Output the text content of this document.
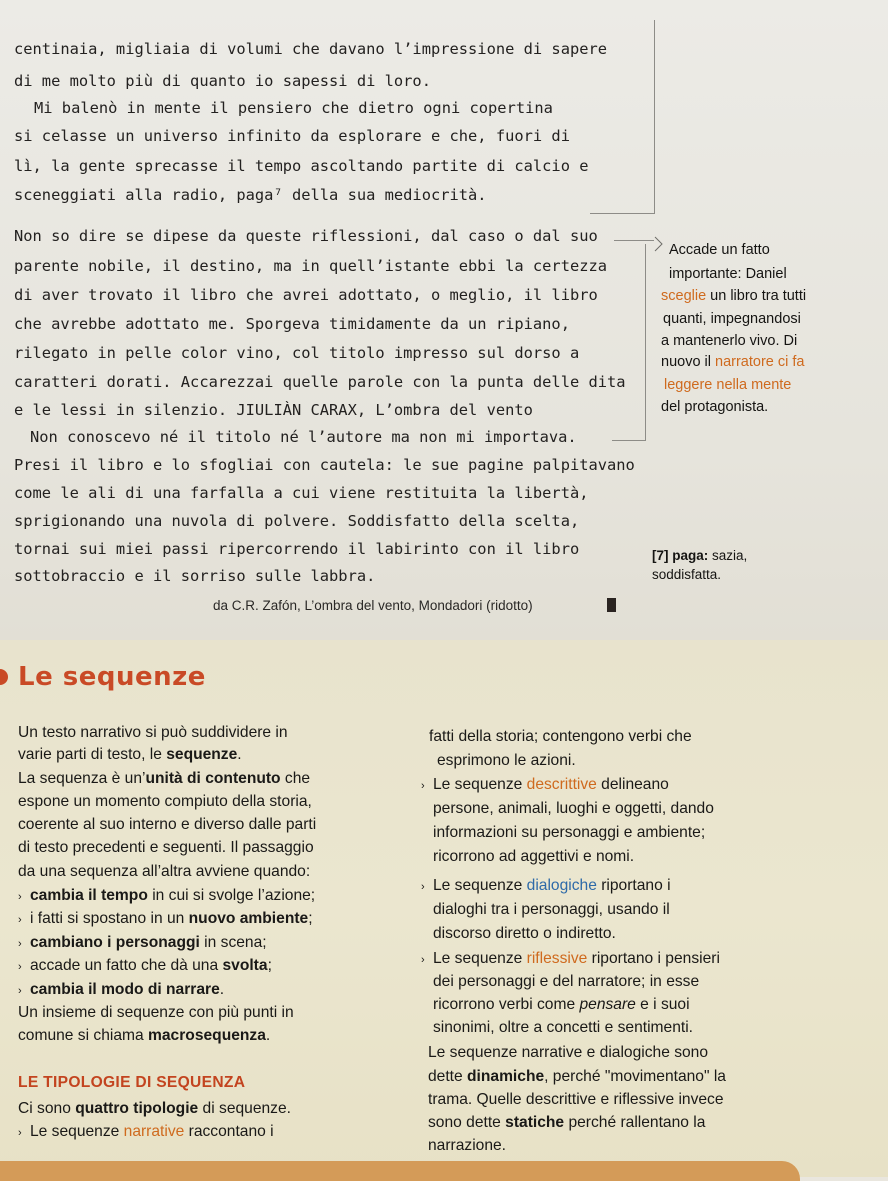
centinaia, migliaia di volumi che davano l’impressione di sapere
di me molto più di quanto io sapessi di loro.
Mi balenò in mente il pensiero che dietro ogni copertina
si celasse un universo infinito da esplorare e che, fuori di
lì, la gente sprecasse il tempo ascoltando partite di calcio e
sceneggiati alla radio, paga⁷ della sua mediocrità.
Non so dire se dipese da queste riflessioni, dal caso o dal suo
parente nobile, il destino, ma in quell’istante ebbi la certezza
di aver trovato il libro che avrei adottato, o meglio, il libro
che avrebbe adottato me. Sporgeva timidamente da un ripiano,
rilegato in pelle color vino, col titolo impresso sul dorso a
caratteri dorati. Accarezzai quelle parole con la punta delle dita
e le lessi in silenzio. JIULIÀN CARAX, L’ombra del vento
Non conoscevo né il titolo né l’autore ma non mi importava.
Presi il libro e lo sfogliai con cautela: le sue pagine palpitavano
come le ali di una farfalla a cui viene restituita la libertà,
sprigionando una nuvola di polvere. Soddisfatto della scelta,
tornai sui miei passi ripercorrendo il labirinto con il libro
sottobraccio e il sorriso sulle labbra.
Accade un fatto
importante: Daniel
sceglie un libro tra tutti
quanti, impegnandosi
a mantenerlo vivo. Di
nuovo il narratore ci fa
leggere nella mente
del protagonista.
[7] paga: sazia,
soddisfatta.
da C.R. Zafón, L’ombra del vento, Mondadori (ridotto)
Le sequenze
Un testo narrativo si può suddividere in
varie parti di testo, le sequenze.
La sequenza è un’unità di contenuto che
espone un momento compiuto della storia,
coerente al suo interno e diverso dalle parti
di testo precedenti e seguenti. Il passaggio
da una sequenza all’altra avviene quando:
› cambia il tempo in cui si svolge l’azione;
› i fatti si spostano in un nuovo ambiente;
› cambiano i personaggi in scena;
› accade un fatto che dà una svolta;
› cambia il modo di narrare.
Un insieme di sequenze con più punti in
comune si chiama macrosequenza.
LE TIPOLOGIE DI SEQUENZA
Ci sono quattro tipologie di sequenze.
› Le sequenze narrative raccontano i
fatti della storia; contengono verbi che
esprimono le azioni.
› Le sequenze descrittive delineano
persone, animali, luoghi e oggetti, dando
informazioni su personaggi e ambiente;
ricorrono ad aggettivi e nomi.
› Le sequenze dialogiche riportano i
dialoghi tra i personaggi, usando il
discorso diretto o indiretto.
› Le sequenze riflessive riportano i pensieri
dei personaggi e del narratore; in esse
ricorrono verbi come pensare e i suoi
sinonimi, oltre a concetti e sentimenti.
Le sequenze narrative e dialogiche sono
dette dinamiche, perché "movimentano" la
trama. Quelle descrittive e riflessive invece
sono dette statiche perché rallentano la
narrazione.
